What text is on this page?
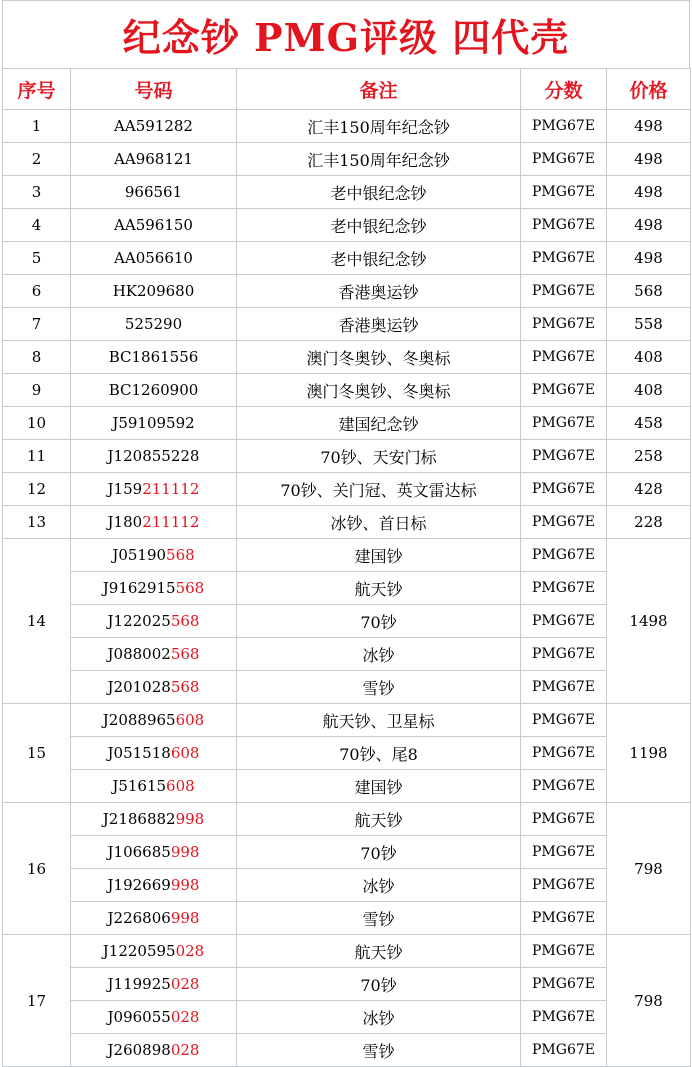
纪念钞 PMG评级 四代壳
序号	号码	备注	分数	价格
1	AA591282	汇丰150周年纪念钞	PMG67E	498
2	AA968121	汇丰150周年纪念钞	PMG67E	498
3	966561	老中银纪念钞	PMG67E	498
4	AA596150	老中银纪念钞	PMG67E	498
5	AA056610	老中银纪念钞	PMG67E	498
6	HK209680	香港奥运钞	PMG67E	568
7	525290	香港奥运钞	PMG67E	558
8	BC1861556	澳门冬奥钞、冬奥标	PMG67E	408
9	BC1260900	澳门冬奥钞、冬奥标	PMG67E	408
10	J59109592	建国纪念钞	PMG67E	458
11	J120855228	70钞、天安门标	PMG67E	258
12	J159211112	70钞、关门冠、英文雷达标	PMG67E	428
13	J180211112	冰钞、首日标	PMG67E	228
14	J05190568	建国钞	PMG67E	1498
	J9162915568	航天钞	PMG67E	
	J122025568	70钞	PMG67E	
	J088002568	冰钞	PMG67E	
	J201028568	雪钞	PMG67E	
15	J2088965608	航天钞、卫星标	PMG67E	1198
	J051518608	70钞、尾8	PMG67E	
	J51615608	建国钞	PMG67E	
16	J2186882998	航天钞	PMG67E	798
	J106685998	70钞	PMG67E	
	J192669998	冰钞	PMG67E	
	J226806998	雪钞	PMG67E	
17	J1220595028	航天钞	PMG67E	798
	J119925028	70钞	PMG67E	
	J096055028	冰钞	PMG67E	
	J260898028	雪钞	PMG67E	
